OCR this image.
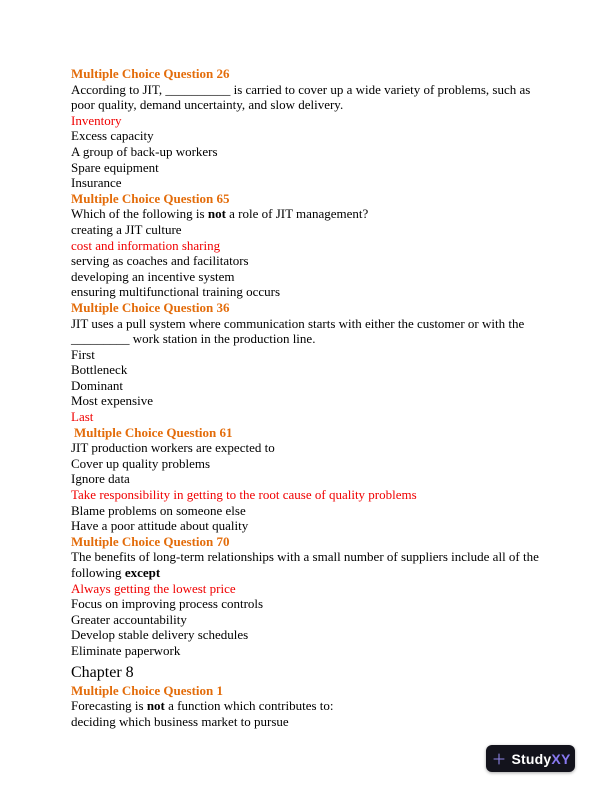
Multiple Choice Question 26

According to JIT, __________ is carried to cover up a wide variety of problems, such as poor quality, demand uncertainty, and slow delivery.

Inventory

Excess capacity

A group of back-up workers

Spare equipment

Insurance

Multiple Choice Question 65

Which of the following is not a role of JIT management?

creating a JIT culture

cost and information sharing

serving as coaches and facilitators

developing an incentive system

ensuring multifunctional training occurs

Multiple Choice Question 36

JIT uses a pull system where communication starts with either the customer or with the _________ work station in the production line.

First

Bottleneck

Dominant

Most expensive

Last

Multiple Choice Question 61

JIT production workers are expected to

Cover up quality problems

Ignore data

Take responsibility in getting to the root cause of quality problems

Blame problems on someone else

Have a poor attitude about quality

Multiple Choice Question 70

The benefits of long-term relationships with a small number of suppliers include all of the following except

Always getting the lowest price

Focus on improving process controls

Greater accountability

Develop stable delivery schedules

Eliminate paperwork

Chapter 8

Multiple Choice Question 1

Forecasting is not a function which contributes to:

deciding which business market to pursue

StudyXY
